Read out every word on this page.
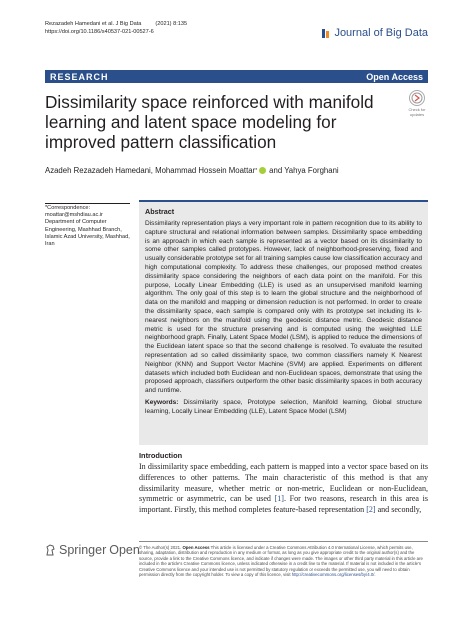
Rezazadeh Hamedani et al. J Big Data         (2021) 8:135
https://doi.org/10.1186/s40537-021-00527-6	Journal of Big Data
RESEARCH	Open Access
Dissimilarity space reinforced with manifold learning and latent space modeling for improved pattern classification
Check for updates
Azadeh Rezazadeh Hamedani, Mohammad Hossein Moattar * and Yahya Forghani
*Correspondence:
moattar@mshdiau.ac.ir
Department of Computer Engineering, Mashhad Branch, Islamic Azad University, Mashhad, Iran
Abstract

Dissimilarity representation plays a very important role in pattern recognition due to its ability to capture structural and relational information between samples. Dissimilarity space embedding is an approach in which each sample is represented as a vector based on its dissimilarity to some other samples called prototypes. However, lack of neighborhood-preserving, fixed and usually considerable prototype set for all training samples cause low classification accuracy and high computational complexity. To address these challenges, our proposed method creates dissimilarity space considering the neighbors of each data point on the manifold. For this purpose, Locally Linear Embedding (LLE) is used as an unsupervised manifold learning algorithm. The only goal of this step is to learn the global structure and the neighborhood of data on the manifold and mapping or dimension reduction is not performed. In order to create the dissimilarity space, each sample is compared only with its prototype set including its k-nearest neighbors on the manifold using the geodesic distance metric. Geodesic distance metric is used for the structure preserving and is computed using the weighted LLE neighborhood graph. Finally, Latent Space Model (LSM), is applied to reduce the dimensions of the Euclidean latent space so that the second challenge is resolved. To evaluate the resulted representation ad so called dissimilarity space, two common classifiers namely K Nearest Neighbor (KNN) and Support Vector Machine (SVM) are applied. Experiments on different datasets which included both Euclidean and non-Euclidean spaces, demonstrate that using the proposed approach, classifiers outperform the other basic dissimilarity spaces in both accuracy and runtime.

Keywords: Dissimilarity space, Prototype selection, Manifold learning, Global structure learning, Locally Linear Embedding (LLE), Latent Space Model (LSM)

Introduction
In dissimilarity space embedding, each pattern is mapped into a vector space based on its differences to other patterns. The main characteristic of this method is that any dissimilarity measure, whether metric or non-metric, Euclidean or non-Euclidean, symmetric or asymmetric, can be used [1]. For two reasons, research in this area is important. Firstly, this method completes feature-based representation [2] and secondly,
Springer Open © The Author(s) 2021. Open Access This article is licensed under a Creative Commons Attribution 4.0 International License, which permits use, sharing, adaptation, distribution and reproduction in any medium or format, as long as you give appropriate credit to the original author(s) and the source, provide a link to the Creative Commons licence, and indicate if changes were made. The images or other third party material in this article are included in the article's Creative Commons licence, unless indicated otherwise in a credit line to the material. If material is not included in the article's Creative Commons licence and your intended use is not permitted by statutory regulation or exceeds the permitted use, you will need to obtain permission directly from the copyright holder. To view a copy of this licence, visit http://creativecommons.org/licenses/by/4.0/.
